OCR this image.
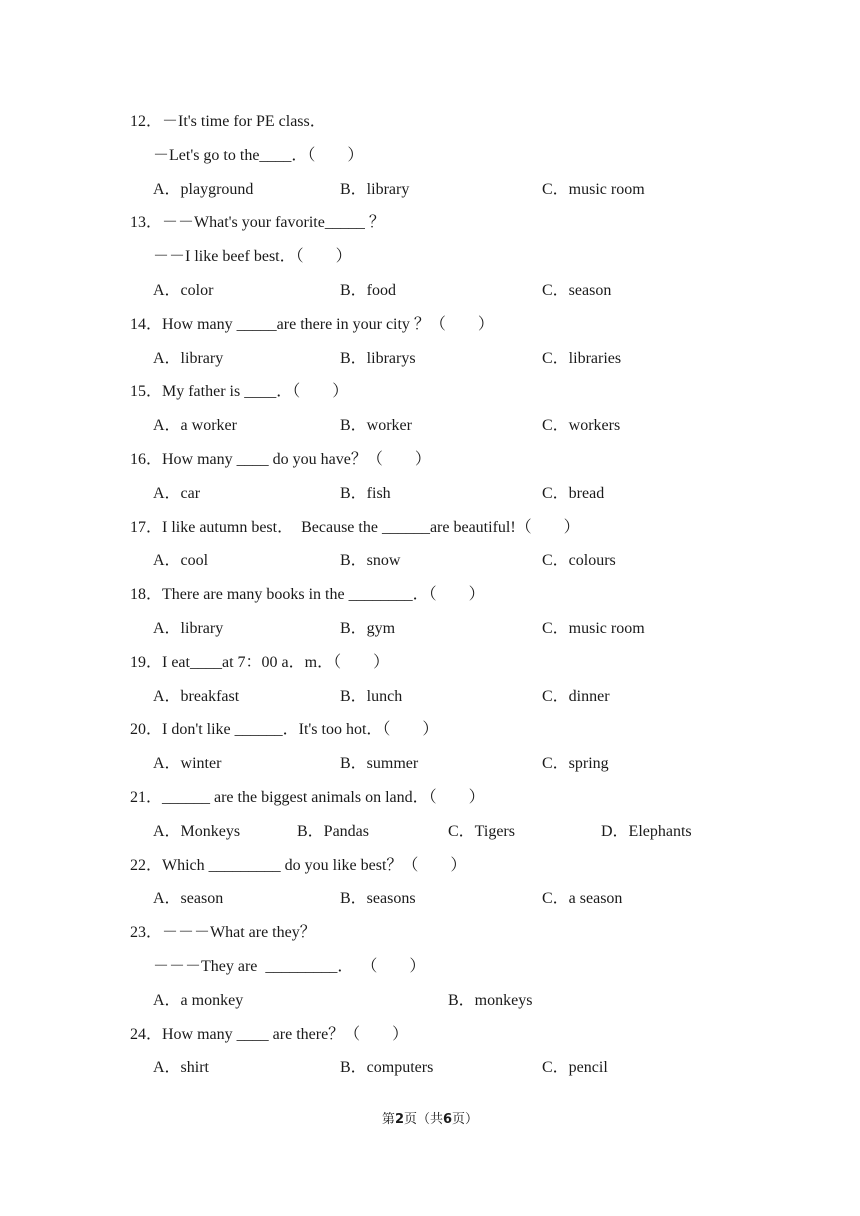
12．－It's time for PE class．
－Let's go to the____．（　　）
A．playground	B．library	C．music room
13．－－What's your favorite_____ ？
－－I like beef best．（　　）
A．color	B．food	C．season
14．How many _____are there in your city ？（　　）
A．library	B．librarys	C．libraries
15．My father is ____．（　　）
A．a worker	B．worker	C．workers
16．How many ____ do you have？（　　）
A．car	B．fish	C．bread
17．I like autumn best．  Because the ______are beautiful!（　　）
A．cool	B．snow	C．colours
18．There are many books in the ________．（　　）
A．library	B．gym	C．music room
19．I eat____at 7：00 a．m．（　　）
A．breakfast	B．lunch	C．dinner
20．I don't like ______．It's too hot．（　　）
A．winter	B．summer	C．spring
21．______ are the biggest animals on land．（　　）
A．Monkeys	B．Pandas	C．Tigers	D．Elephants
22．Which _________ do you like best？（　　）
A．season	B．seasons	C．a season
23．－－－What are they？
－－－They are  _________．  （　　）
A．a monkey	B．monkeys
24．How many ____ are there？（　　）
A．shirt	B．computers	C．pencil
第2页（共6页）
